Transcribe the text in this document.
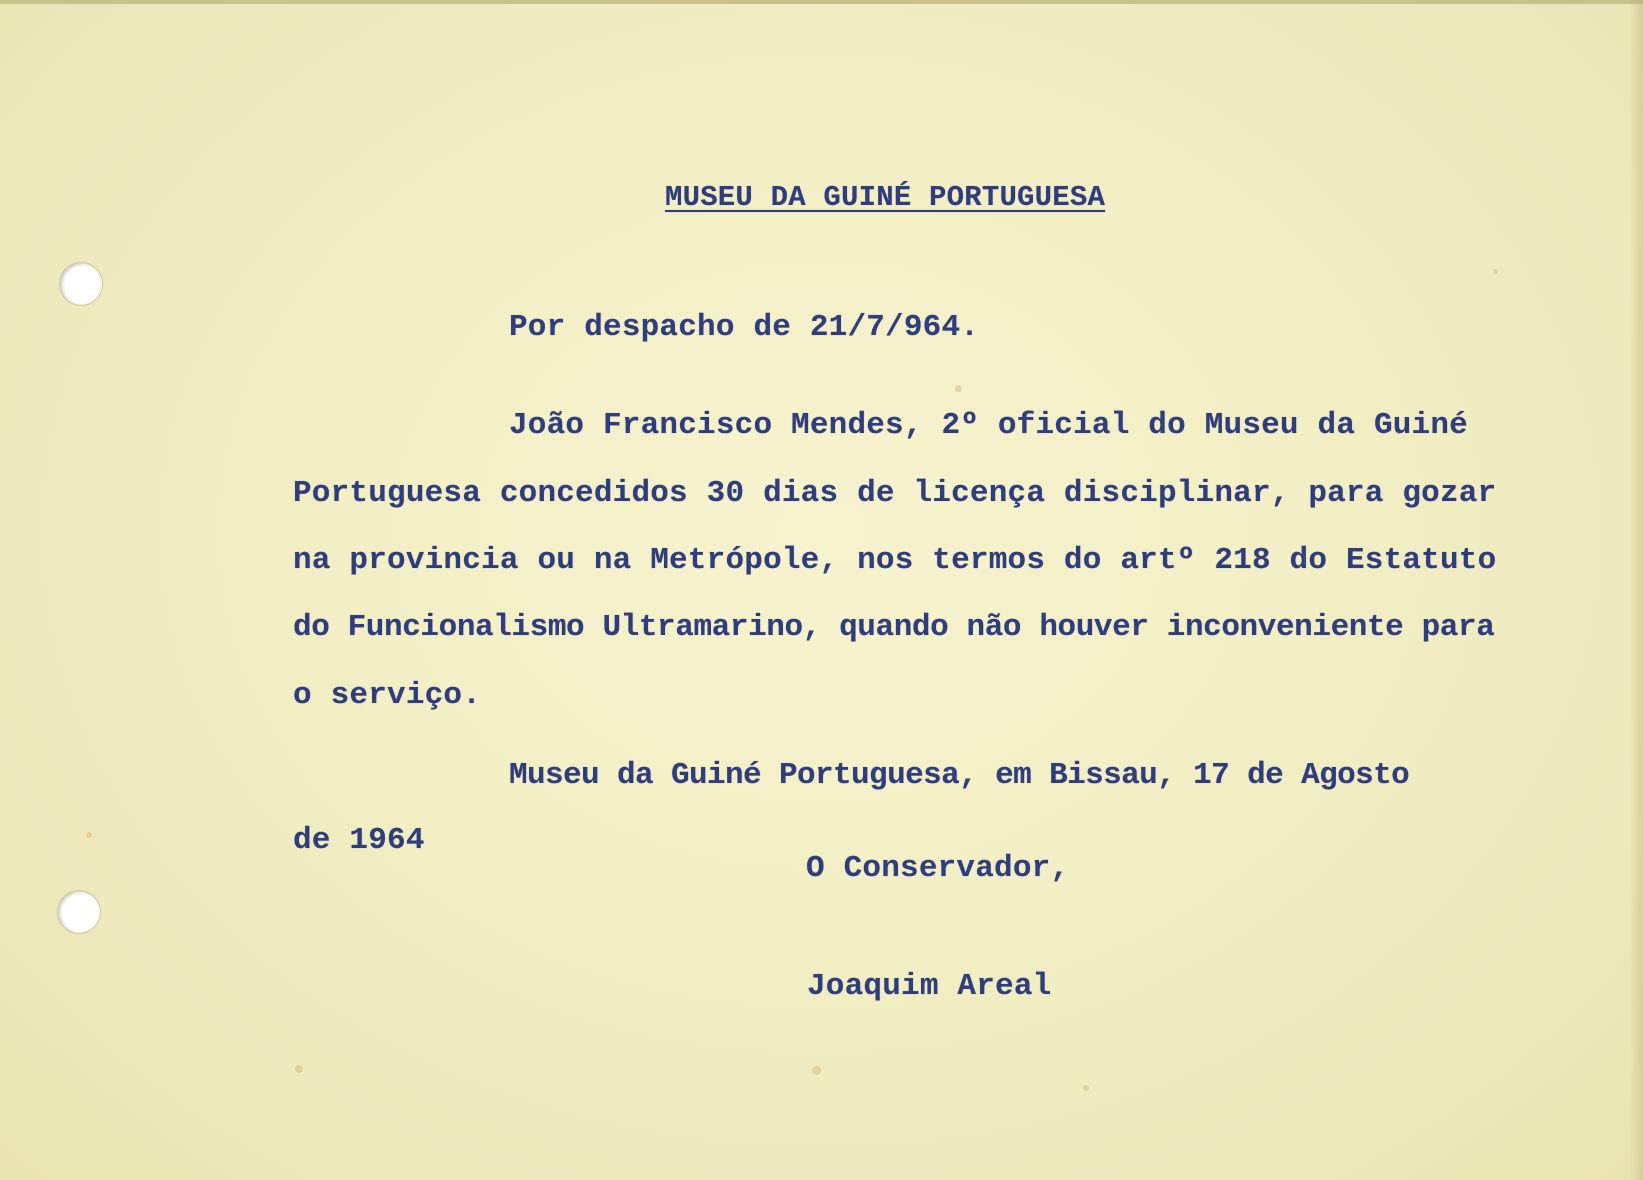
MUSEU DA GUINÉ PORTUGUESA

Por despacho de 21/7/964.

João Francisco Mendes, 2º oficial do Museu da Guiné

Portuguesa concedidos 30 dias de licença disciplinar, para gozar

na provincia ou na Metrópole, nos termos do artº 218 do Estatuto

do Funcionalismo Ultramarino, quando não houver inconveniente para

o serviço.

Museu da Guiné Portuguesa, em Bissau, 17 de Agosto

de 1964

O Conservador,

Joaquim Areal
